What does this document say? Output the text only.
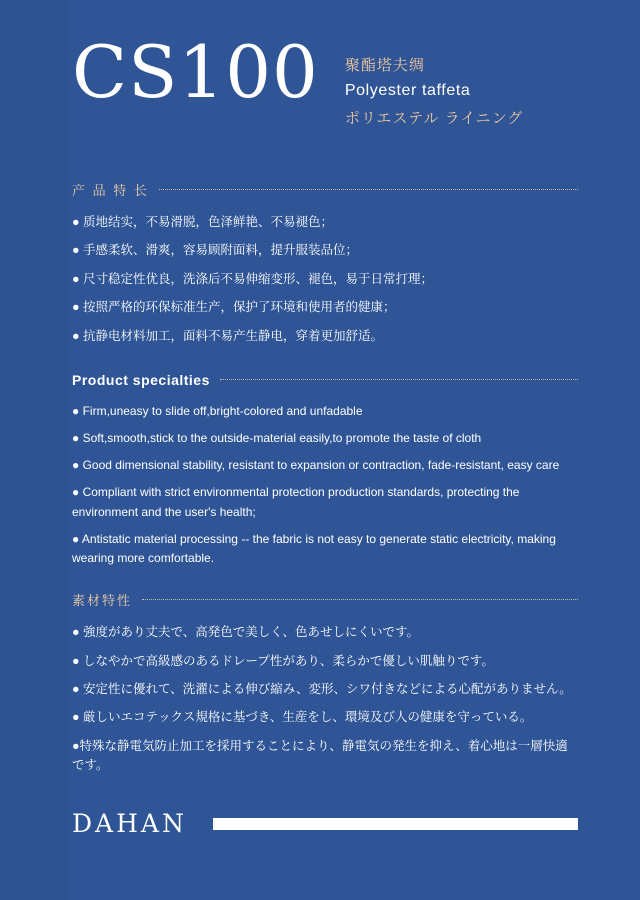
CS100	聚酯塔夫绸
Polyester taffeta
ポリエステル ライニング
产 品 特 长
● 质地结实，不易滑脱，色泽鲜艳、不易褪色；
● 手感柔软、滑爽，容易顾附面料，提升服装品位；
● 尺寸稳定性优良，洗涤后不易伸缩变形、褪色，易于日常打理；
● 按照严格的环保标准生产，保护了环境和使用者的健康；
● 抗静电材料加工，面料不易产生静电，穿着更加舒适。
Product specialties
● Firm,uneasy to slide off,bright-colored and unfadable
● Soft,smooth,stick to the outside-material easily,to promote the taste of cloth
● Good dimensional stability, resistant to expansion or contraction, fade-resistant, easy care
● Compliant with strict environmental protection production standards, protecting the environment and the user's health;
● Antistatic material processing -- the fabric is not easy to generate static electricity, making wearing more comfortable.
素材特性
● 強度があり丈夫で、高発色で美しく、色あせしにくいです。
● しなやかで高級感のあるドレープ性があり、柔らかで優しい肌触りです。
● 安定性に優れて、洗濯による伸び縮み、変形、シワ付きなどによる心配がありません。
● 厳しいエコテックス規格に基づき、生産をし、環境及び人の健康を守っている。
●特殊な静電気防止加工を採用することにより、静電気の発生を抑え、着心地は一層快適です。
DAHAN
